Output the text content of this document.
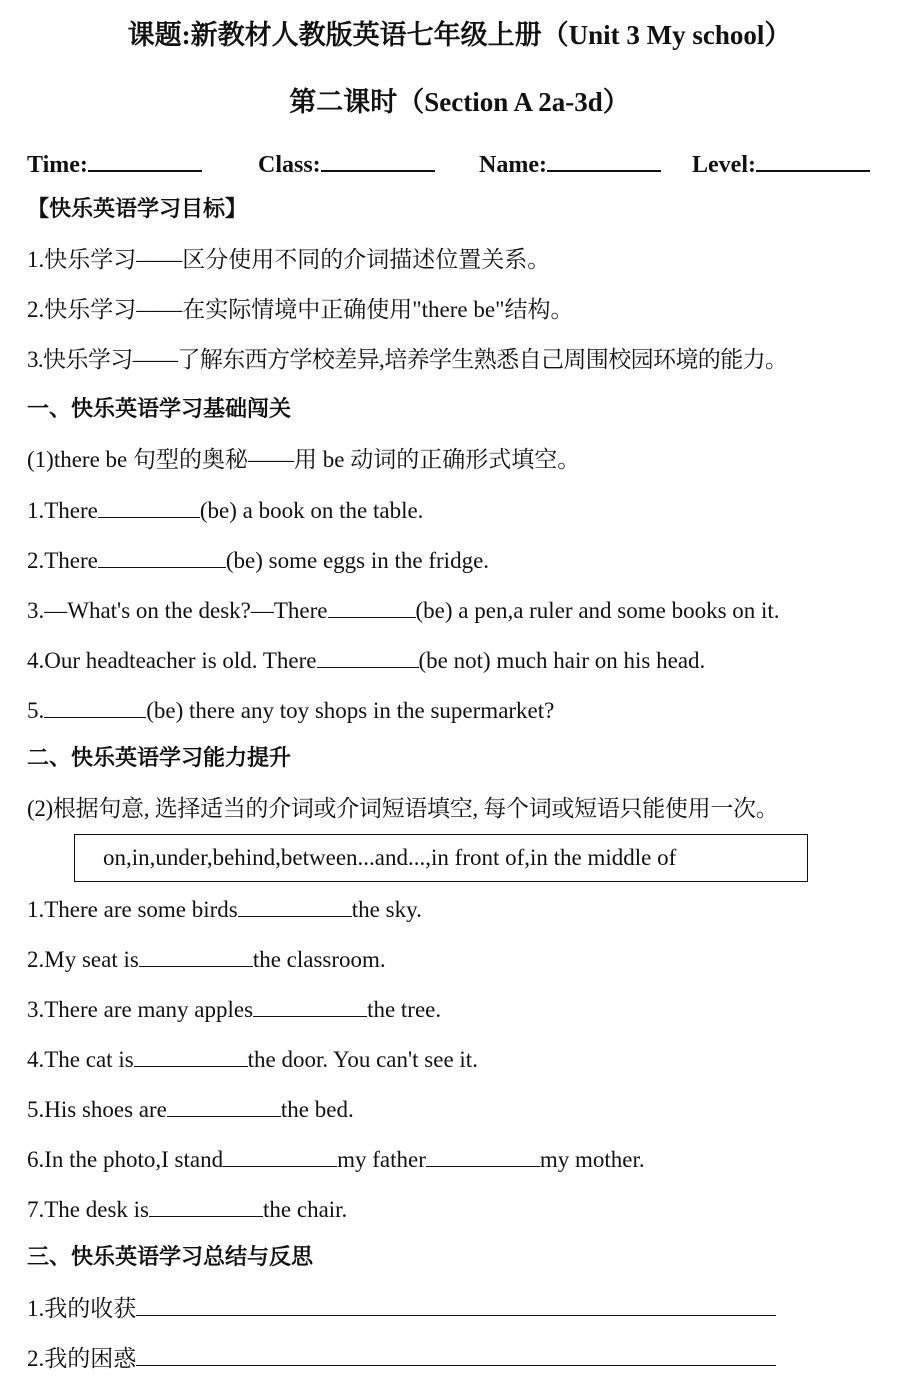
课题:新教材人教版英语七年级上册（Unit 3 My school）
第二课时（Section A 2a-3d）
Time:	Class:	Name:	Level:
【快乐英语学习目标】
1.快乐学习——区分使用不同的介词描述位置关系。
2.快乐学习——在实际情境中正确使用"there be"结构。
3.快乐学习——了解东西方学校差异,培养学生熟悉自己周围校园环境的能力。
一、快乐英语学习基础闯关
(1)there be 句型的奥秘——用 be 动词的正确形式填空。
1.There	(be) a book on the table.
2.There	(be) some eggs in the fridge.
3.—What's on the desk?—There	(be) a pen,a ruler and some books on it.
4.Our headteacher is old. There	(be not) much hair on his head.
5.	(be) there any toy shops in the supermarket?
二、快乐英语学习能力提升
(2)根据句意, 选择适当的介词或介词短语填空, 每个词或短语只能使用一次。
on,in,under,behind,between...and...,in front of,in the middle of
1.There are some birds	the sky.
2.My seat is	the classroom.
3.There are many apples	the tree.
4.The cat is	the door. You can't see it.
5.His shoes are	the bed.
6.In the photo,I stand	my father	my mother.
7.The desk is	the chair.
三、快乐英语学习总结与反思
1.我的收获
2.我的困惑
